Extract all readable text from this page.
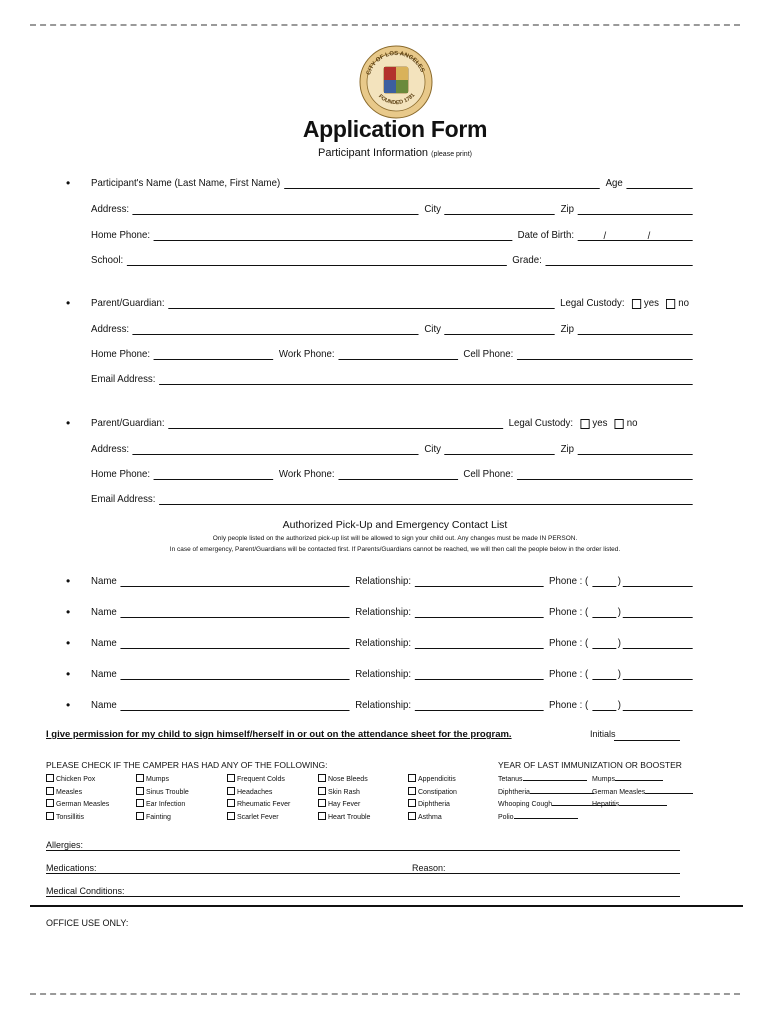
CITY OF LOS ANGELES
FOUNDED 1781
Application Form
Participant Information (please print)
• Participant's Name (Last Name, First Name)	Age
Address:	City	Zip
Home Phone:	Date of Birth:	/	/
School:	Grade:
• Parent/Guardian:	Legal Custody: yes no
Address:	City	Zip
Home Phone:	Work Phone:	Cell Phone:
Email Address:
• Parent/Guardian:	Legal Custody: yes no
Address:	City	Zip
Home Phone:	Work Phone:	Cell Phone:
Email Address:
Authorized Pick-Up and Emergency Contact List
Only people listed on the authorized pick-up list will be allowed to sign your child out. Any changes must be made IN PERSON.
In case of emergency, Parent/Guardians will be contacted first. If Parents/Guardians cannot be reached, we will then call the people below in the order listed.
• Name	Relationship:	Phone : (	)
• Name	Relationship:	Phone : (	)
• Name	Relationship:	Phone : (	)
• Name	Relationship:	Phone : (	)
• Name	Relationship:	Phone : (	)
I give permission for my child to sign himself/herself in or out on the attendance sheet for the program.	Initials
PLEASE CHECK IF THE CAMPER HAS HAD ANY OF THE FOLLOWING:	YEAR OF LAST IMMUNIZATION OR BOOSTER
Chicken Pox	Mumps	Frequent Colds	Nose Bleeds	Appendicitis
Measles	Sinus Trouble	Headaches	Skin Rash	Constipation
German Measles	Ear Infection	Rheumatic Fever	Hay Fever	Diphtheria
Tonsillitis	Fainting	Scarlet Fever	Heart Trouble	Asthma
Tetanus	Mumps
Diphtheria	German Measles
Whooping Cough	Hepatitis
Polio
Allergies:
Medications:	Reason:
Medical Conditions:
OFFICE USE ONLY:
